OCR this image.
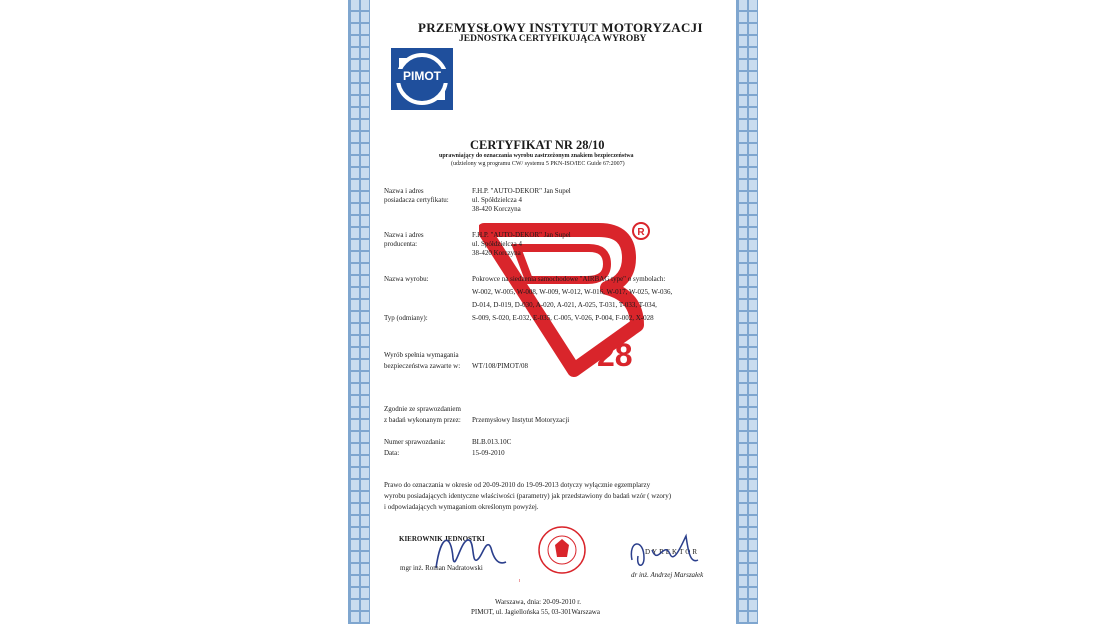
PRZEMYSŁOWY INSTYTUT MOTORYZACJI
JEDNOSTKA CERTYFIKUJĄCA WYROBY
PIMOT
CERTYFIKAT NR 28/10
uprawniający do oznaczania wyrobu zastrzeżonym znakiem bezpieczeństwa
(udzielony wg programu CW/ systemu 5 PKN-ISO/IEC Guide 67:2007)
Nazwa i adres
posiadacza certyfikatu:
F.H.P. "AUTO-DEKOR" Jan Supel
ul. Spółdzielcza 4
38-420 Korczyna
R
28
Nazwa i adres
producenta:
F.H.P. "AUTO-DEKOR" Jan Supel
ul. Spółdzielcza 4
38-420 Korczyna
Nazwa wyrobu:	Pokrowce na siedzenia samochodowe "AIRBAG type" o symbolach:
W-002, W-005, W-008, W-009, W-012, W-016, W-017, W-025, W-036,
D-014, D-019, D-030, A-020, A-021, A-025, T-031, T-033, T-034,
Typ (odmiany):	S-009, S-020, E-032, E-035, C-005, V-026, P-004, F-002, X-028
Wyrób spełnia wymagania
bezpieczeństwa zawarte w: WT/108/PIMOT/08
Zgodnie ze sprawozdaniem
z badań wykonanym przez: Przemysłowy Instytut Motoryzacji
Numer sprawozdania:	BLB.013.10C
Data:	15-09-2010
Prawo do oznaczania w okresie od 20-09-2010 do 19-09-2013 dotyczy wyłącznie egzemplarzy
wyrobu posiadających identyczne właściwości (parametry) jak przedstawiony do badań wzór ( wzory)
i odpowiadających wymaganiom określonym powyżej.
KIEROWNIK JEDNOSTKI
mgr inż. Roman Nadratowski
DYREKTOR
dr inż. Andrzej Marszałek
Warszawa, dnia: 20-09-2010 r.
PIMOT, ul. Jagiellońska 55, 03-301Warszawa
